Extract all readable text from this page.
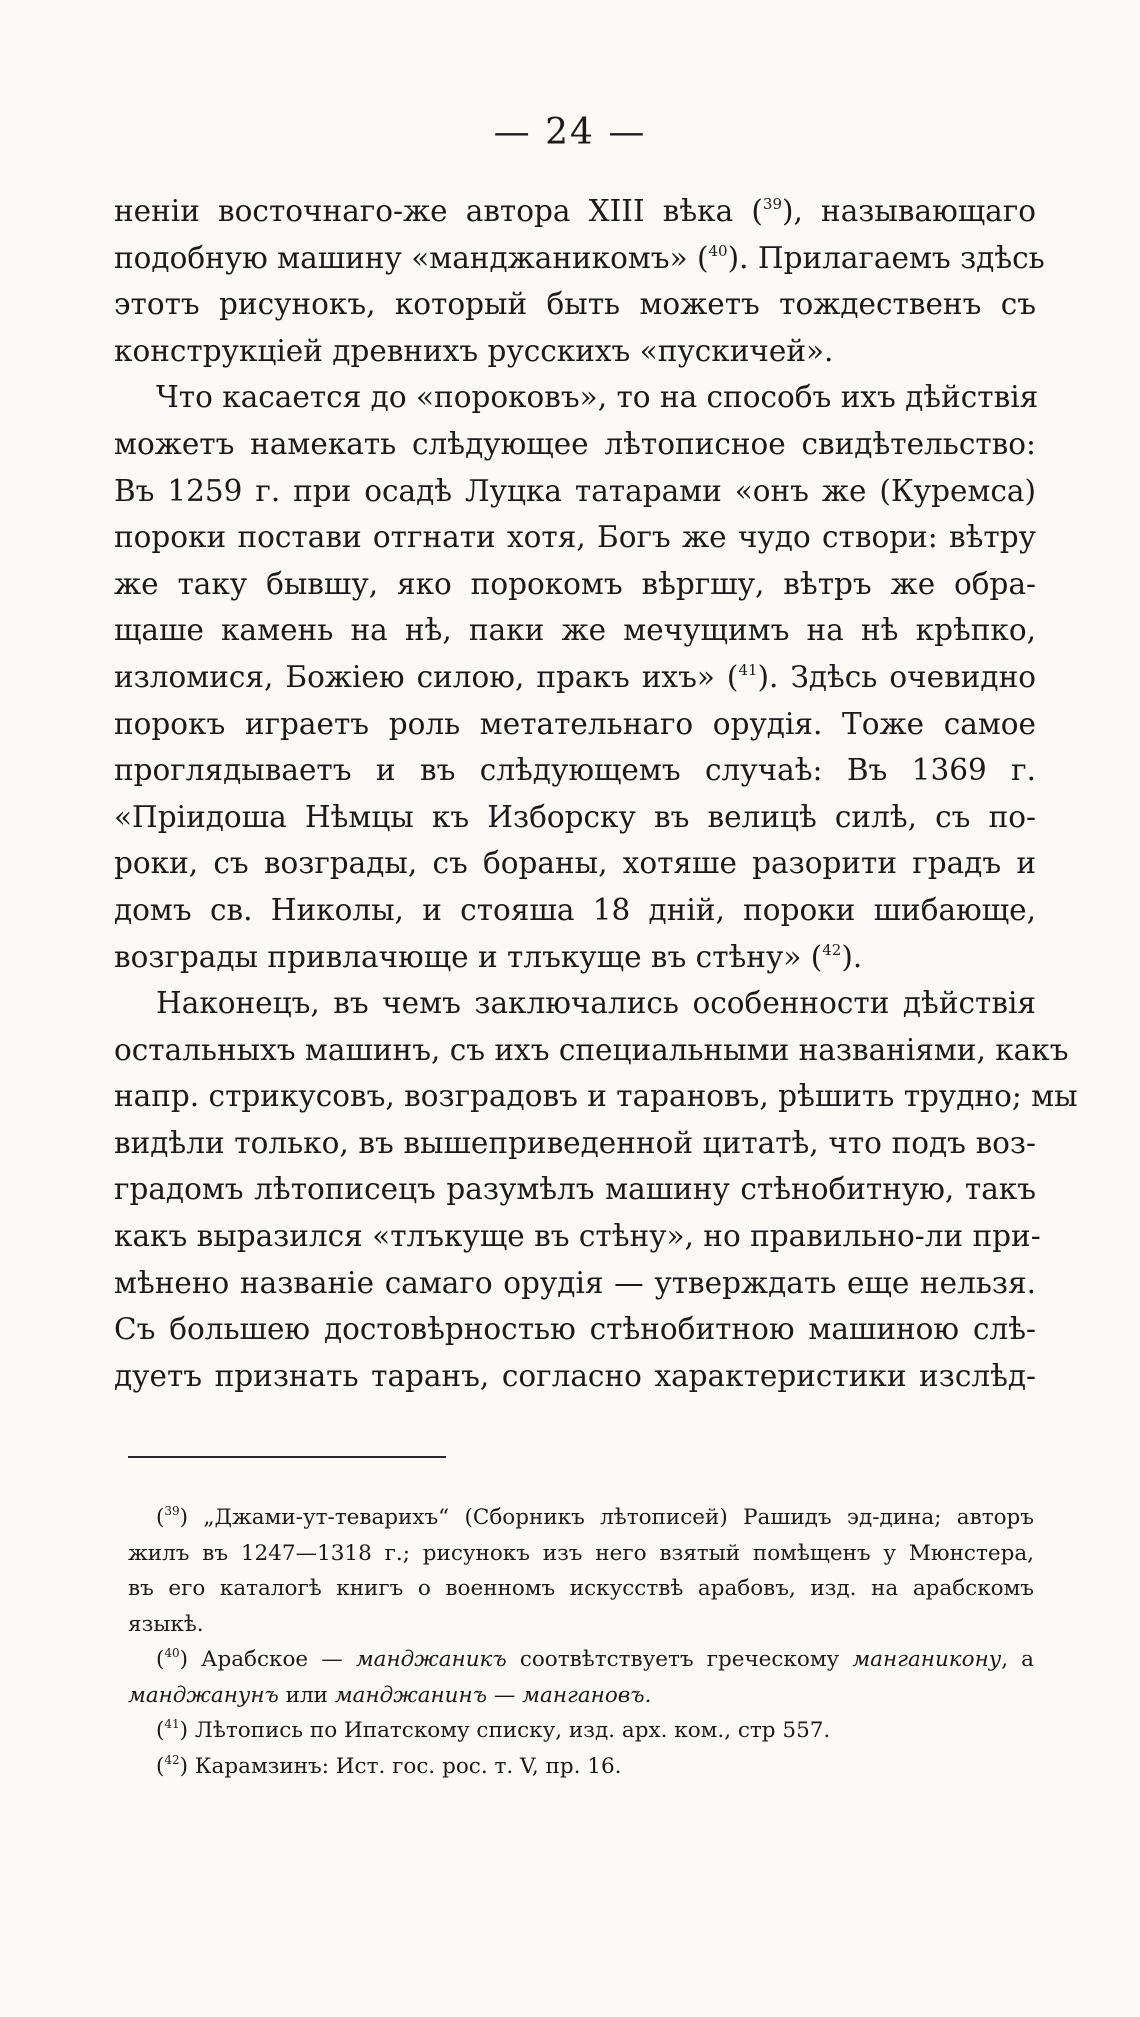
— 24 —
ненiи восточнаго-же автора XIII вѣка ($^{39}$), называющаго
подобную машину «манджаникомъ» ($^{40}$). Прилагаемъ здѣсь
этотъ рисунокъ, который быть можетъ тождественъ съ
конструкцiей древнихъ русскихъ «пускичей».
Что касается до «пороковъ», то на способъ ихъ дѣйствiя
можетъ намекать слѣдующее лѣтописное свидѣтельство:
Въ 1259 г. при осадѣ Луцка татарами «онъ же (Куремса)
пороки постави отгнати хотя, Богъ же чудо створи: вѣтру
же таку бывшу, яко порокомъ вѣргшу, вѣтръ же обра-
щаше камень на нѣ, паки же мечущимъ на нѣ крѣпко,
изломися, Божiею силою, пракъ ихъ» ($^{41}$). Здѣсь очевидно
порокъ играетъ роль метательнаго орудiя. Тоже самое
проглядываетъ и въ слѣдующемъ случаѣ: Въ 1369 г.
«Прiидоша Нѣмцы къ Изборску въ велицѣ силѣ, съ по-
роки, съ возграды, съ бораны, хотяше разорити градъ и
домъ св. Николы, и стояша 18 днiй, пороки шибающе,
возграды привлачюще и тлъкуще въ стѣну» ($^{42}$).
Наконецъ, въ чемъ заключались особенности дѣйствiя
остальныхъ машинъ, съ ихъ специальными названiями, какъ
напр. стрикусовъ, возградовъ и тарановъ, рѣшить трудно; мы
видѣли только, въ вышеприведенной цитатѣ, что подъ воз-
градомъ лѣтописецъ разумѣлъ машину стѣнобитную, такъ
какъ выразился «тлъкуще въ стѣну», но правильно-ли при-
мѣнено названiе самаго орудiя — утверждать еще нельзя.
Съ большею достовѣрностью стѣнобитною машиною слѣ-
дуетъ признать таранъ, согласно характеристики изслѣд-
($^{39}$) „Джами-ут-теварихъ“ (Сборникъ лѣтописей) Рашидъ эд-дина; авторъ
жилъ въ 1247—1318 г.; рисунокъ изъ него взятый помѣщенъ у Мюнстера,
въ его каталогѣ книгъ о военномъ искусствѣ арабовъ, изд. на арабскомъ
языкѣ.
($^{40}$) Арабское — манджаникъ соотвѣтствуетъ греческому манганикону, а
манджанунъ или манджанинъ — мангановъ.
($^{41}$) Лѣтопись по Ипатскому списку, изд. арх. ком., стр 557.
($^{42}$) Карамзинъ: Ист. гос. рос. т. V, пр. 16.
